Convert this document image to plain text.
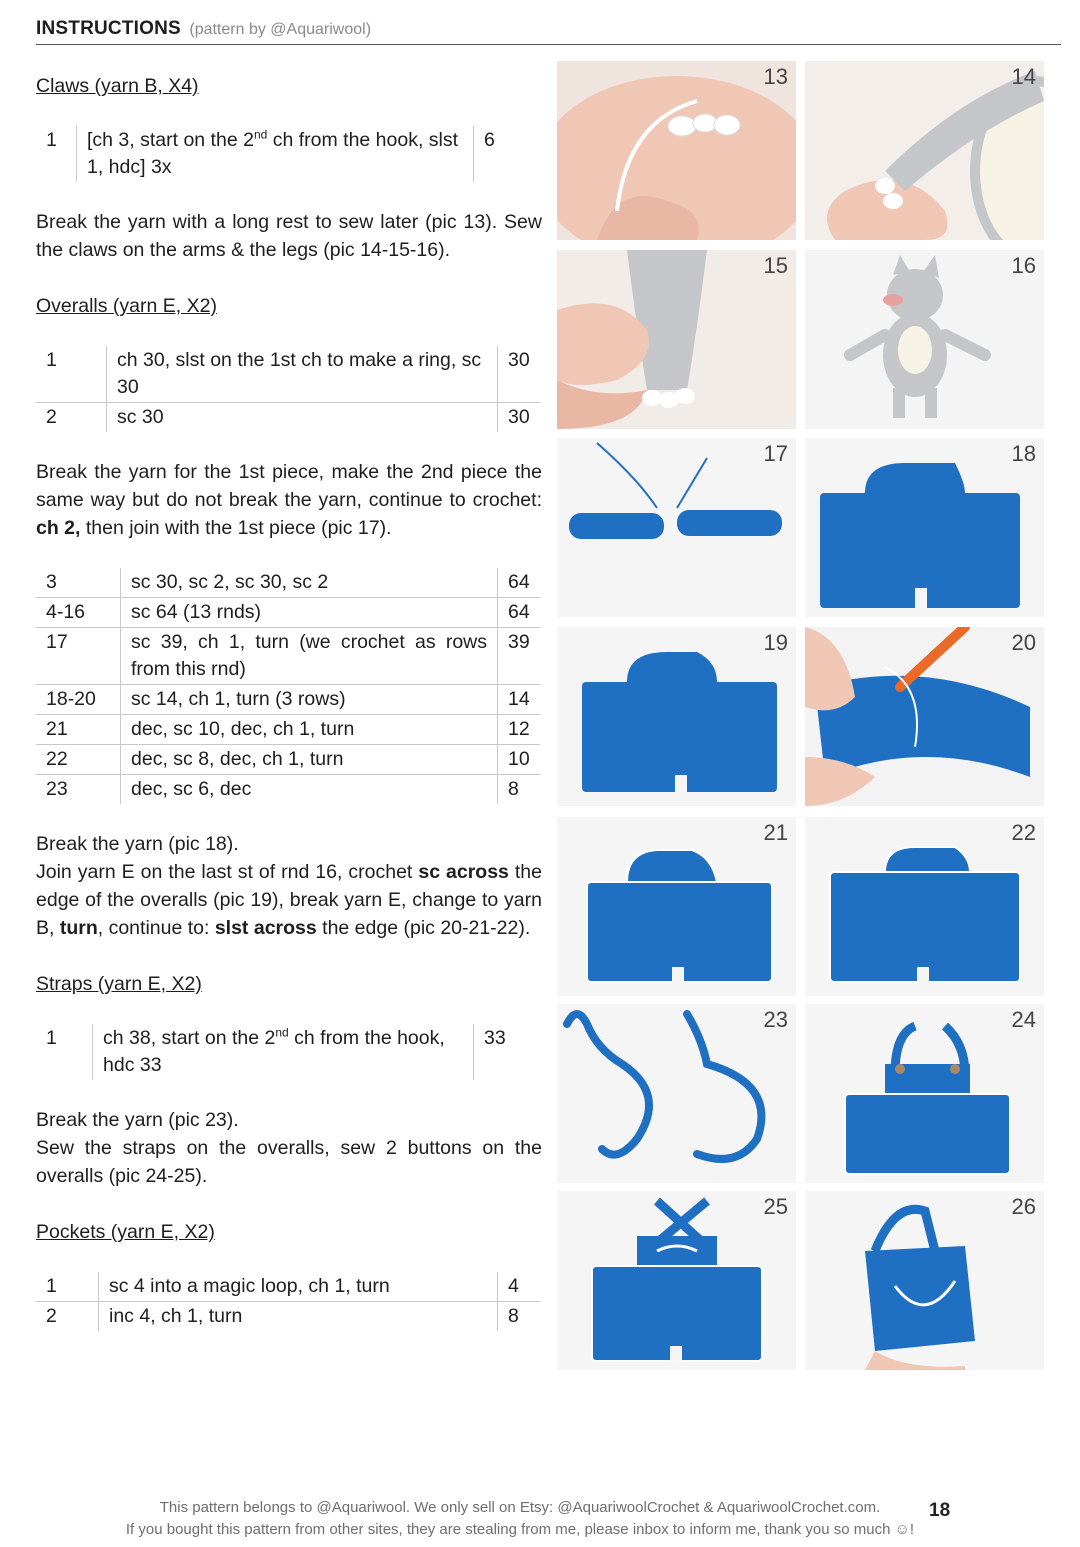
INSTRUCTIONS (pattern by @Aquariwool)
Claws (yarn B, X4)
1	[ch 3, start on the 2nd ch from the hook, slst 1, hdc] 3x	6
Break the yarn with a long rest to sew later (pic 13). Sew the claws on the arms & the legs (pic 14-15-16).
Overalls (yarn E, X2)
1	ch 30, slst on the 1st ch to make a ring, sc 30	30
2	sc 30	30
Break the yarn for the 1st piece, make the 2nd piece the same way but do not break the yarn, continue to crochet: ch 2, then join with the 1st piece (pic 17).
3	sc 30, sc 2, sc 30, sc 2	64
4-16	sc 64 (13 rnds)	64
17	sc 39, ch 1, turn (we crochet as rows from this rnd)	39
18-20	sc 14, ch 1, turn (3 rows)	14
21	dec, sc 10, dec, ch 1, turn	12
22	dec, sc 8, dec, ch 1, turn	10
23	dec, sc 6, dec	8
Break the yarn (pic 18).
Join yarn E on the last st of rnd 16, crochet sc across the edge of the overalls (pic 19), break yarn E, change to yarn B, turn, continue to: slst across the edge (pic 20-21-22).
Straps (yarn E, X2)
1	ch 38, start on the 2nd ch from the hook, hdc 33	33
Break the yarn (pic 23).
Sew the straps on the overalls, sew 2 buttons on the overalls (pic 24-25).
Pockets (yarn E, X2)
1	sc 4 into a magic loop, ch 1, turn	4
2	inc 4, ch 1, turn	8
13	14
15	16
17	18
19	20
21	22
23	24
25	26
This pattern belongs to @Aquariwool. We only sell on Etsy: @AquariwoolCrochet & AquariwoolCrochet.com.
If you bought this pattern from other sites, they are stealing from me, please inbox to inform me, thank you so much ☺!
18
